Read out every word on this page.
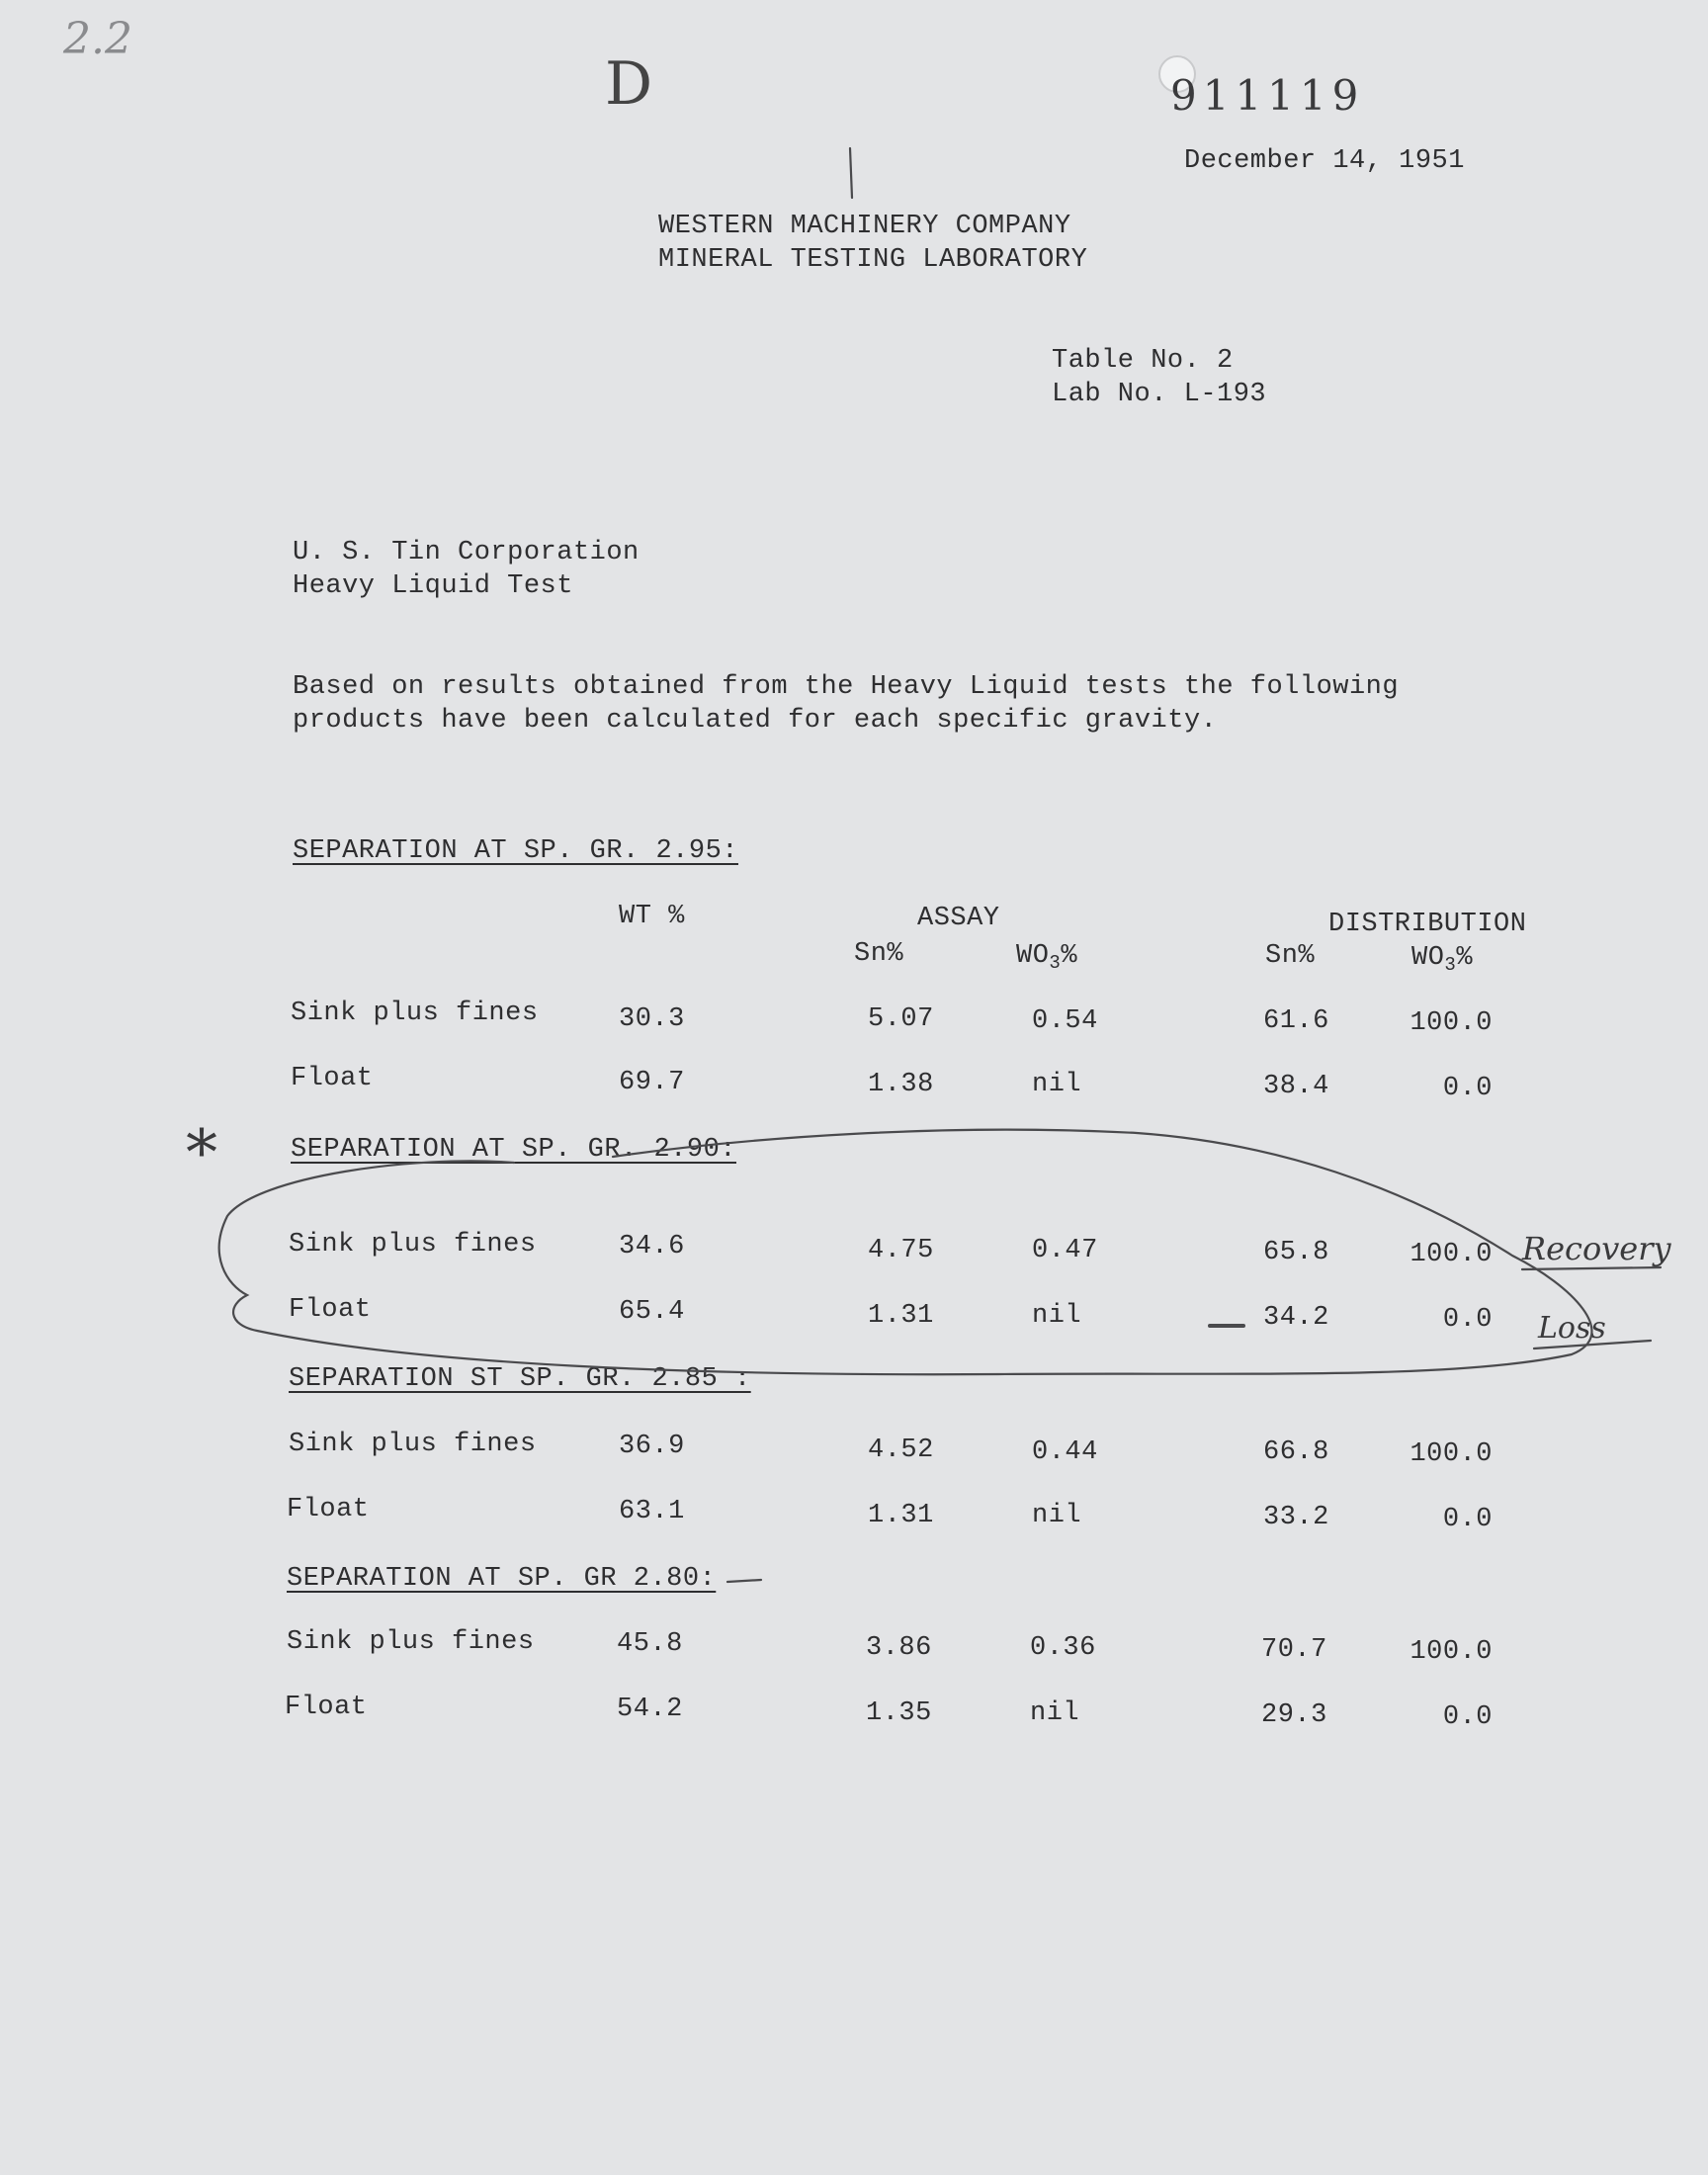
2.2
D	911119
December 14, 1951
WESTERN MACHINERY COMPANY
MINERAL TESTING LABORATORY
Table No. 2
Lab No. L-193
U. S. Tin Corporation
Heavy Liquid Test
Based on results obtained from the Heavy Liquid tests the following
products have been calculated for each specific gravity.
SEPARATION AT SP. GR. 2.95:
WT %	ASSAY	DISTRIBUTION
Sn%	$WO_3\%$	Sn%	$WO_3\%$
Sink plus fines	30.3	5.07	0.54	61.6	100.0
Float	69.7	1.38	nil	38.4	0.0
*	SEPARATION AT SP. GR. 2.90:
Sink plus fines	34.6	4.75	0.47	65.8	100.0 Recovery
Float	65.4	1.31	nil	34.2	0.0 Loss
SEPARATION ST SP. GR. 2.85 :
Sink plus fines	36.9	4.52	0.44	66.8	100.0
Float	63.1	1.31	nil	33.2	0.0
SEPARATION AT SP. GR 2.80:
Sink plus fines	45.8	3.86	0.36	70.7	100.0
Float	54.2	1.35	nil	29.3	0.0
